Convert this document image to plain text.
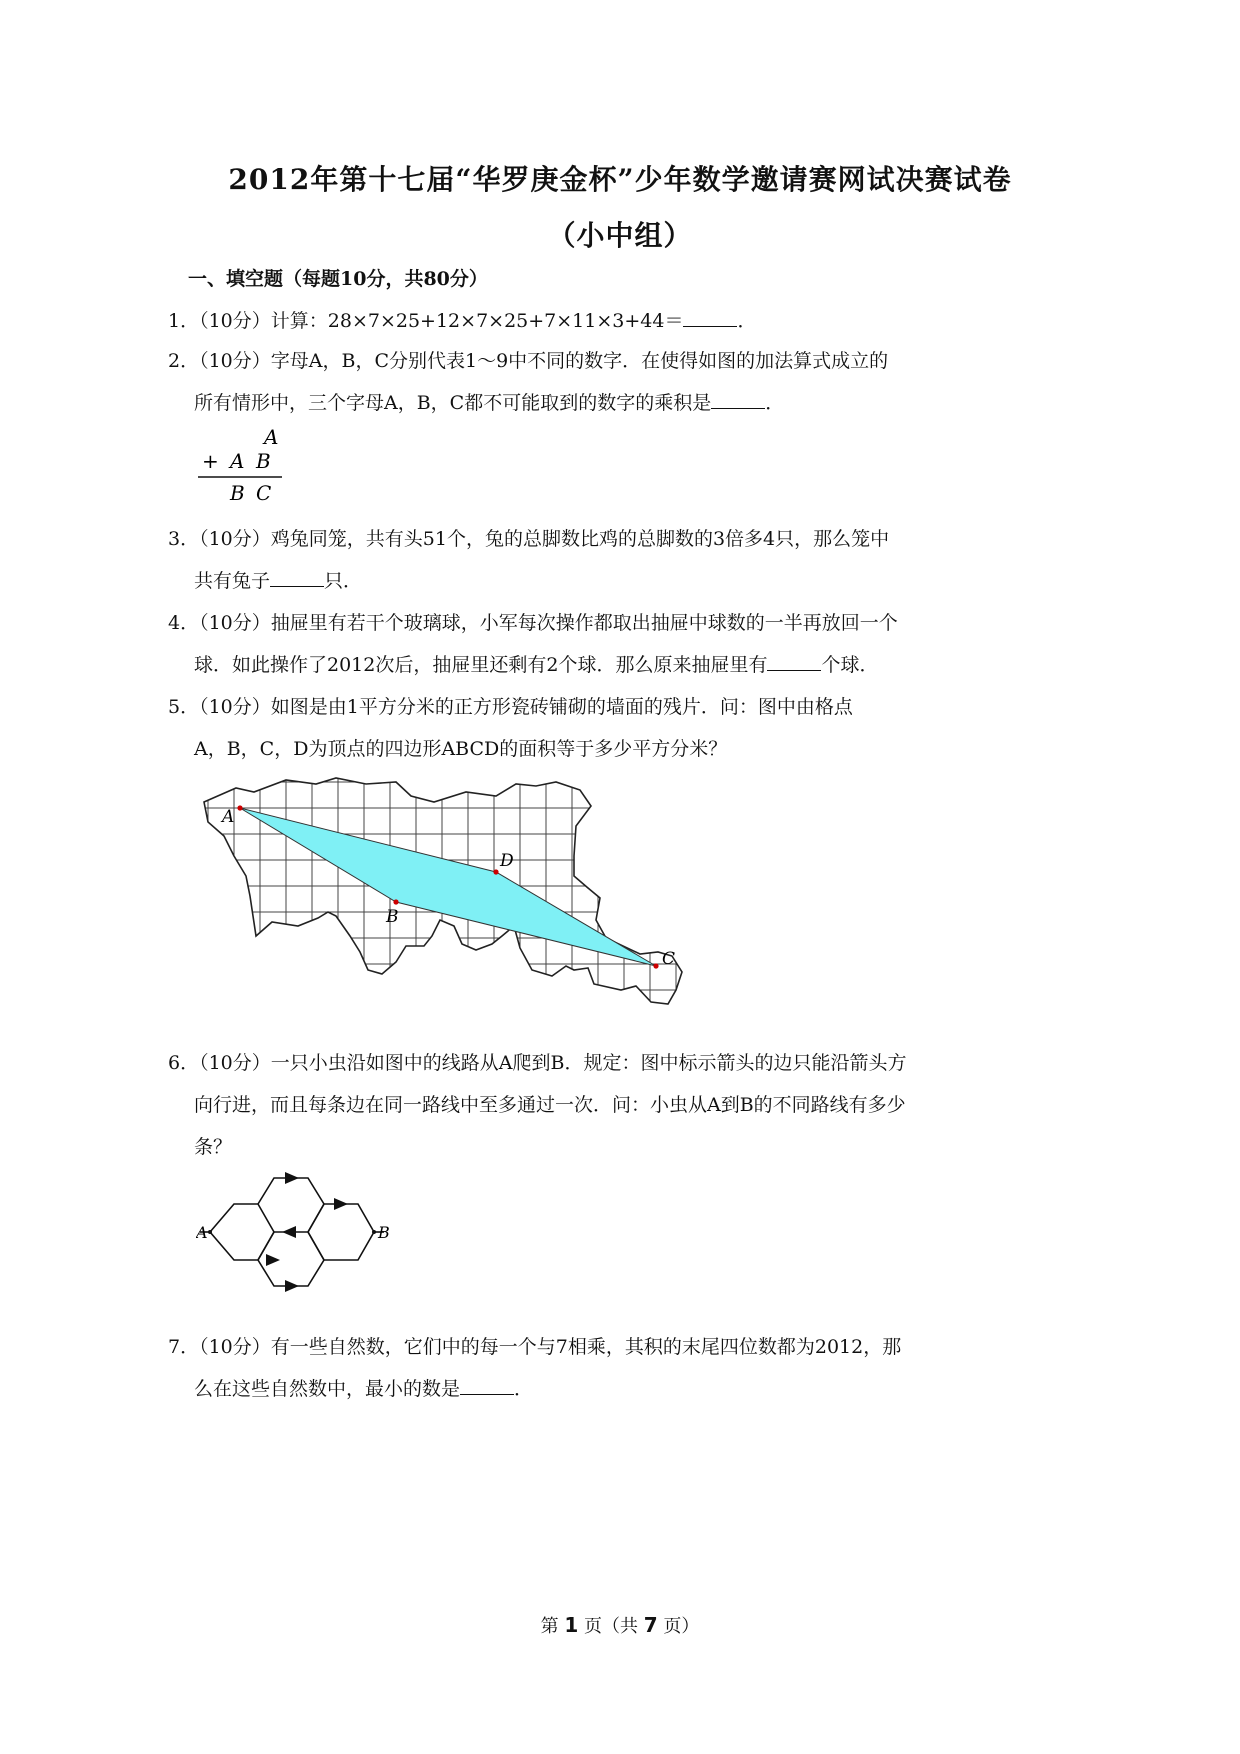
2012年第十七届“华罗庚金杯”少年数学邀请赛网试决赛试卷
（小中组）
一、填空题（每题10分，共80分）
1．（10分）计算：28×7×25+12×7×25+7×11×3+44＝	．
2．（10分）字母A，B，C分别代表1～9中不同的数字．在使得如图的加法算式成立的
所有情形中，三个字母A，B，C都不可能取到的数字的乘积是	．
A
+ A B
B C
3．（10分）鸡兔同笼，共有头51个，兔的总脚数比鸡的总脚数的3倍多4只，那么笼中
共有兔子	只．
4．（10分）抽屉里有若干个玻璃球，小军每次操作都取出抽屉中球数的一半再放回一个
球．如此操作了2012次后，抽屉里还剩有2个球．那么原来抽屉里有	个球．
5．（10分）如图是由1平方分米的正方形瓷砖铺砌的墙面的残片．问：图中由格点
A，B，C，D为顶点的四边形ABCD的面积等于多少平方分米？
A
D
B
C
6．（10分）一只小虫沿如图中的线路从A爬到B．规定：图中标示箭头的边只能沿箭头方
向行进，而且每条边在同一路线中至多通过一次．问：小虫从A到B的不同路线有多少
条？
A	B
7．（10分）有一些自然数，它们中的每一个与7相乘，其积的末尾四位数都为2012，那
么在这些自然数中，最小的数是	．
第 1 页（共 7 页）
